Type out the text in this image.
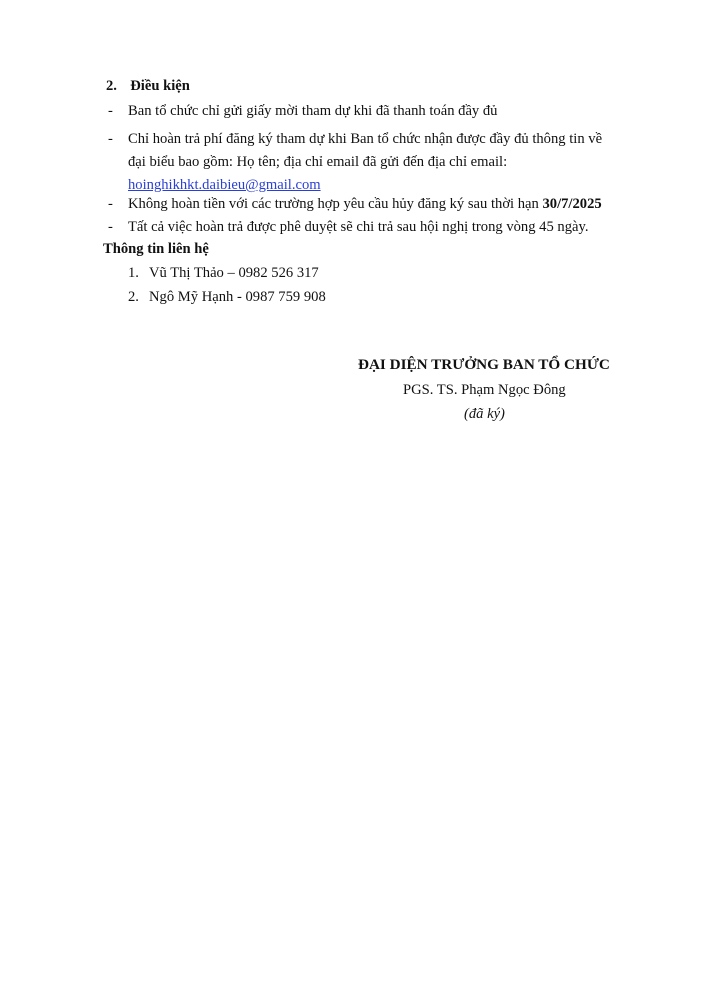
2. Điều kiện
- Ban tổ chức chỉ gửi giấy mời tham dự khi đã thanh toán đầy đủ
- Chỉ hoàn trả phí đăng ký tham dự khi Ban tổ chức nhận được đầy đủ thông tin về
đại biểu bao gồm: Họ tên; địa chỉ email đã gửi đến địa chỉ email:
hoinghikhkt.daibieu@gmail.com
- Không hoàn tiền với các trường hợp yêu cầu hủy đăng ký sau thời hạn 30/7/2025
- Tất cả việc hoàn trả được phê duyệt sẽ chi trả sau hội nghị trong vòng 45 ngày.
Thông tin liên hệ
1. Vũ Thị Thảo – 0982 526 317
2. Ngô Mỹ Hạnh - 0987 759 908
ĐẠI DIỆN TRƯỞNG BAN TỔ CHỨC
PGS. TS. Phạm Ngọc Đông
(đã ký)
